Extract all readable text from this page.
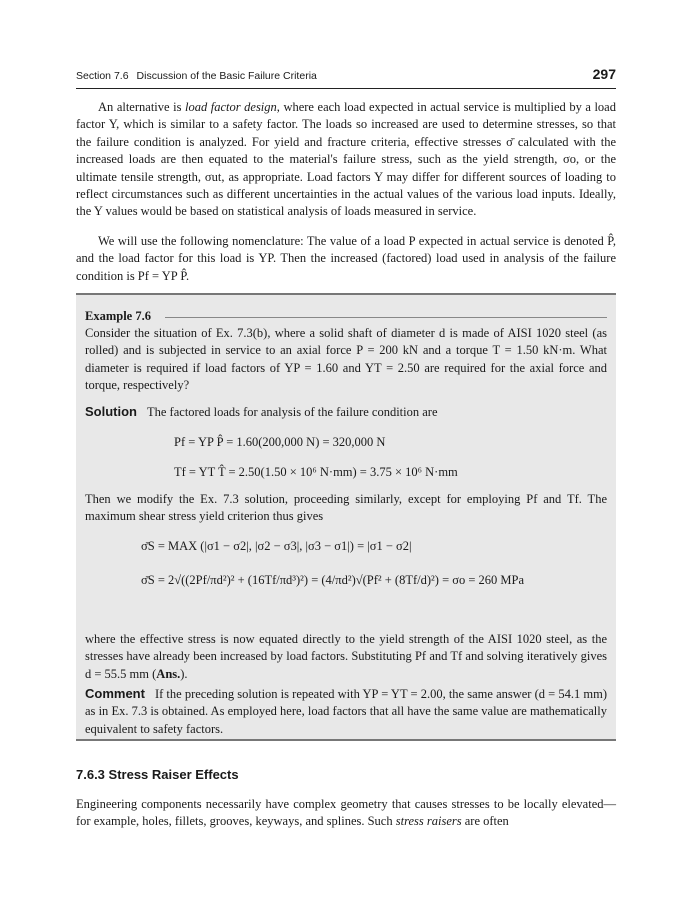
Section 7.6 Discussion of the Basic Failure Criteria	297

An alternative is load factor design, where each load expected in actual service is multiplied by a load factor Y, which is similar to a safety factor. The loads so increased are used to determine stresses, so that the failure condition is analyzed. For yield and fracture criteria, effective stresses σ̄ calculated with the increased loads are then equated to the material's failure stress, such as the yield strength, σo, or the ultimate tensile strength, σut, as appropriate. Load factors Y may differ for different sources of loading to reflect circumstances such as different uncertainties in the actual values of the various load inputs. Ideally, the Y values would be based on statistical analysis of loads measured in service.

We will use the following nomenclature: The value of a load P expected in actual service is denoted P̂, and the load factor for this load is YP. Then the increased (factored) load used in analysis of the failure condition is Pf = YP P̂.

Example 7.6

Consider the situation of Ex. 7.3(b), where a solid shaft of diameter d is made of AISI 1020 steel (as rolled) and is subjected in service to an axial force P = 200 kN and a torque T = 1.50 kN·m. What diameter is required if load factors of YP = 1.60 and YT = 2.50 are required for the axial force and torque, respectively?

Solution The factored loads for analysis of the failure condition are

Pf = YP P̂ = 1.60(200,000 N) = 320,000 N
Tf = YT T̂ = 2.50(1.50 × 10⁶ N·mm) = 3.75 × 10⁶ N·mm

Then we modify the Ex. 7.3 solution, proceeding similarly, except for employing Pf and Tf. The maximum shear stress yield criterion thus gives

σ̄S = MAX (|σ1 − σ2|, |σ2 − σ3|, |σ3 − σ1|) = |σ1 − σ2|
σ̄S = 2√((2Pf/πd²)² + (16Tf/πd³)²) = (4/πd²)√(Pf² + (8Tf/d)²) = σo = 260 MPa

where the effective stress is now equated directly to the yield strength of the AISI 1020 steel, as the stresses have already been increased by load factors. Substituting Pf and Tf and solving iteratively gives d = 55.5 mm (Ans.).

Comment If the preceding solution is repeated with YP = YT = 2.00, the same answer (d = 54.1 mm) as in Ex. 7.3 is obtained. As employed here, load factors that all have the same value are mathematically equivalent to safety factors.

7.6.3 Stress Raiser Effects

Engineering components necessarily have complex geometry that causes stresses to be locally elevated—for example, holes, fillets, grooves, keyways, and splines. Such stress raisers are often
